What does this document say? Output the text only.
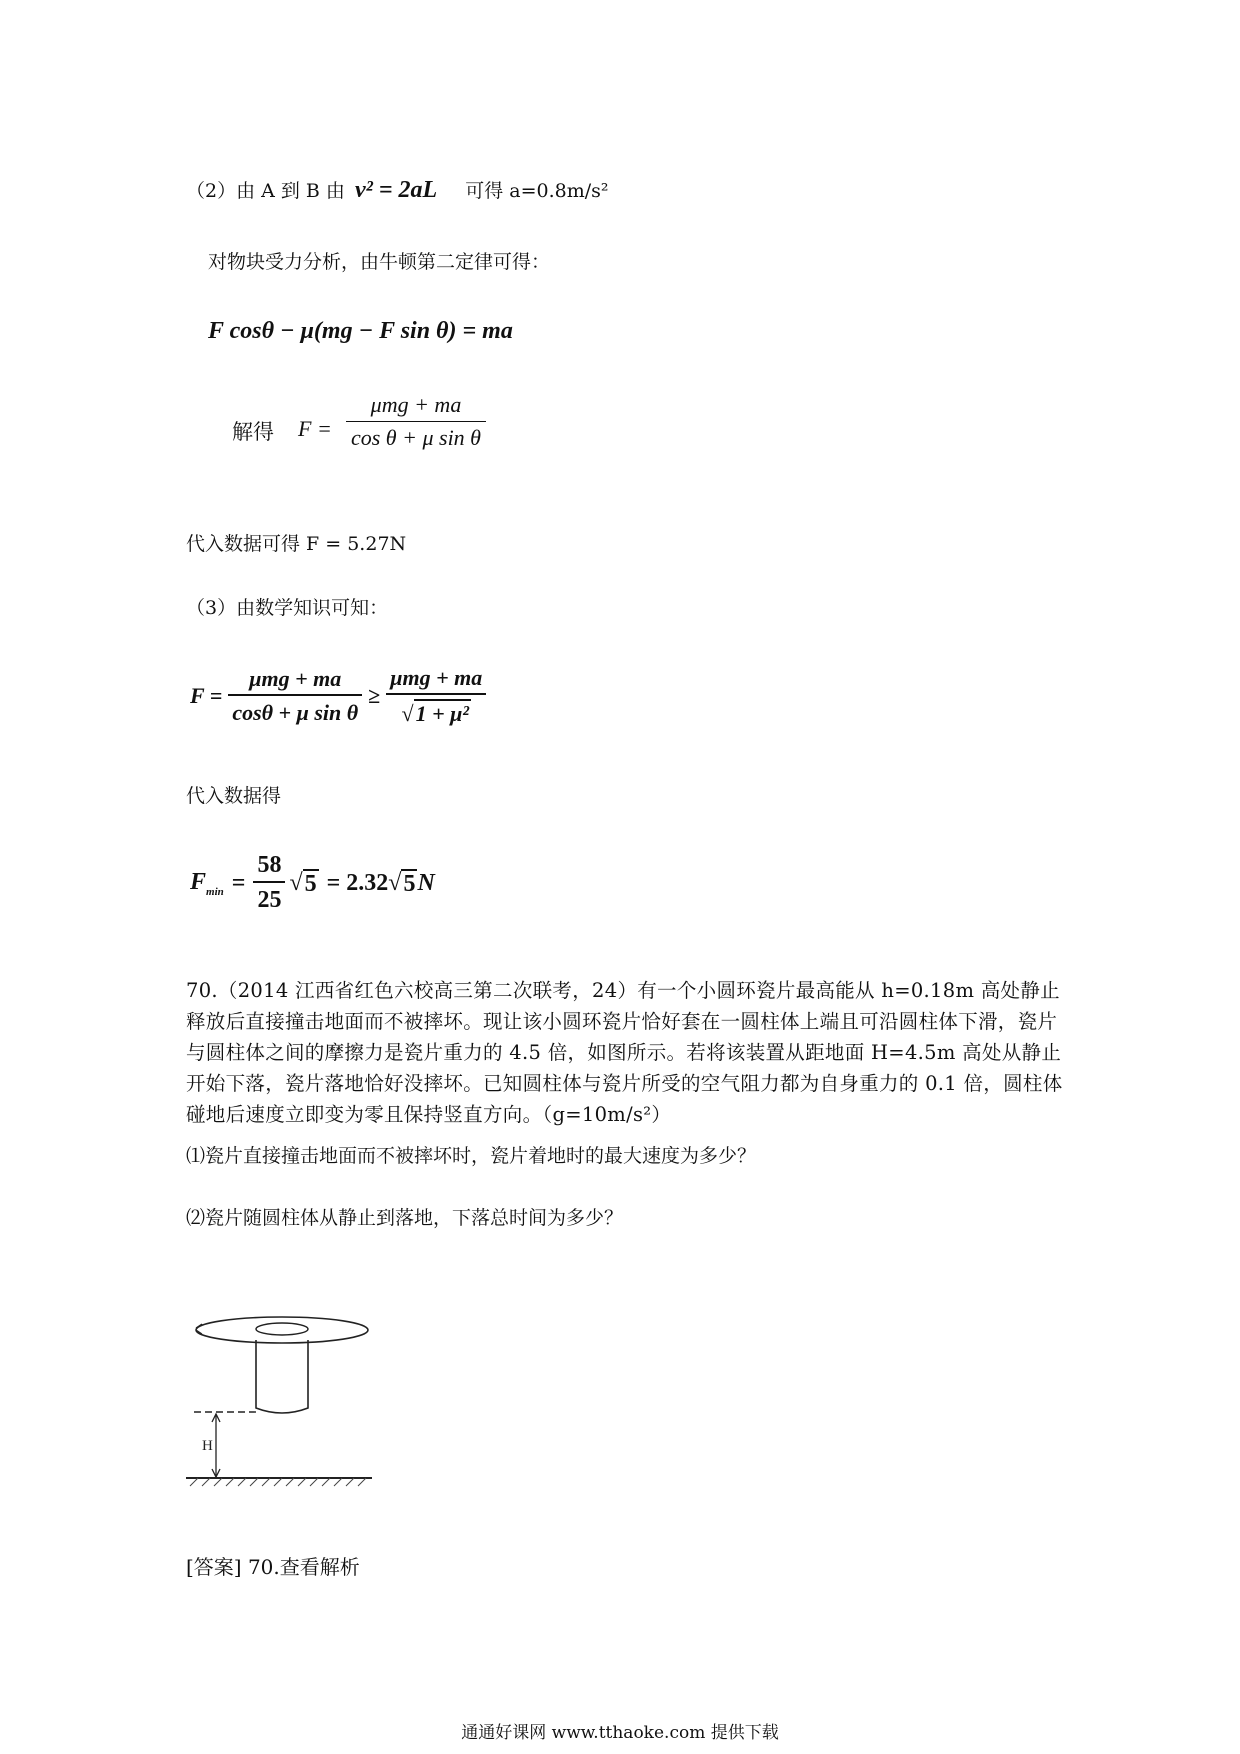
（2）由 A 到 B 由 v² = 2aL 可得 a=0.8m/s²
对物块受力分析，由牛顿第二定律可得：
F cosθ − μ(mg − F sin θ) = ma
解得 F =
μmg + ma
cos θ + μ sin θ
代入数据可得 F = 5.27N
（3）由数学知识可知：
$F = \frac{\text{μmg + ma}}{\text{cosθ + μ sin θ}} \ge \frac{\text{μmg + ma}}{\text{√1 + μ²}}$
代入数据得
$F_{min} = \frac{58}{25}$ √ 5 = 2.32 √ 5 N
70.（2014 江西省红色六校高三第二次联考，24）有一个小圆环瓷片最高能从 h=0.18m 高处静止释放后直接撞击地面而不被摔坏。现让该小圆环瓷片恰好套在一圆柱体上端且可沿圆柱体下滑，瓷片与圆柱体之间的摩擦力是瓷片重力的 4.5 倍，如图所示。若将该装置从距地面 H=4.5m 高处从静止开始下落，瓷片落地恰好没摔坏。已知圆柱体与瓷片所受的空气阻力都为自身重力的 0.1 倍，圆柱体碰地后速度立即变为零且保持竖直方向。（g=10m/s²）
⑴瓷片直接撞击地面而不被摔坏时，瓷片着地时的最大速度为多少？
⑵瓷片随圆柱体从静止到落地，下落总时间为多少？
H
[答案] 70.查看解析
通通好课网 www.tthaoke.com 提供下载
